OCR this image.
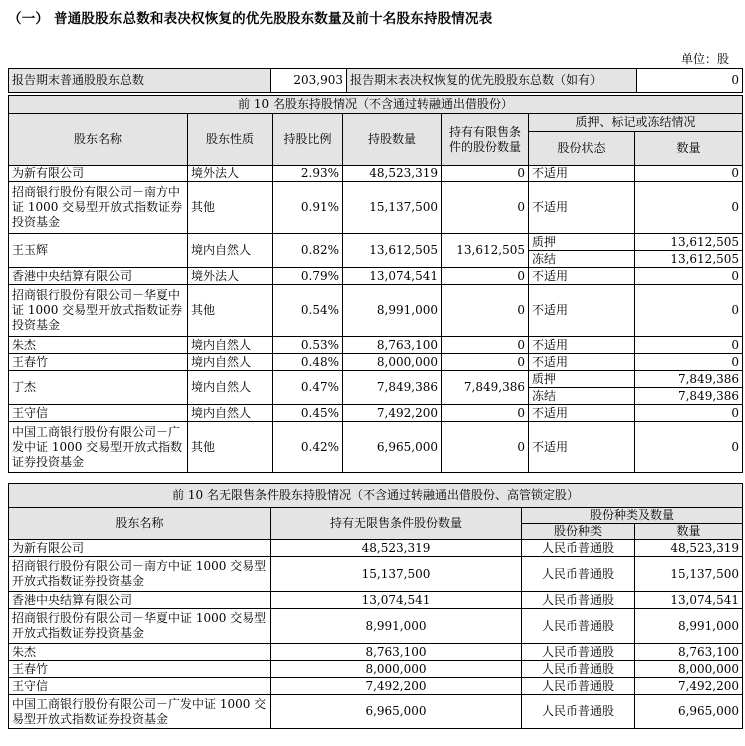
（一） 普通股股东总数和表决权恢复的优先股股东数量及前十名股东持股情况表
单位：股
报告期末普通股股东总数	203,903	报告期末表决权恢复的优先股股东总数（如有）	0
前 10 名股东持股情况（不含通过转融通出借股份）						
股东名称	股东性质	持股比例	持股数量	持有有限售条件的股份数量	质押、标记或冻结情况	
					股份状态	数量
为新有限公司	境外法人	2.93%	48,523,319	0	不适用	0
招商银行股份有限公司－南方中证 1000 交易型开放式指数证券投资基金	其他	0.91%	15,137,500	0	不适用	0
王玉辉	境内自然人	0.82%	13,612,505	13,612,505	质押	13,612,505
					冻结	13,612,505
香港中央结算有限公司	境外法人	0.79%	13,074,541	0	不适用	0
招商银行股份有限公司－华夏中证 1000 交易型开放式指数证券投资基金	其他	0.54%	8,991,000	0	不适用	0
朱杰	境内自然人	0.53%	8,763,100	0	不适用	0
王春竹	境内自然人	0.48%	8,000,000	0	不适用	0
丁杰	境内自然人	0.47%	7,849,386	7,849,386	质押	7,849,386
					冻结	7,849,386
王守信	境内自然人	0.45%	7,492,200	0	不适用	0
中国工商银行股份有限公司－广发中证 1000 交易型开放式指数证券投资基金	其他	0.42%	6,965,000	0	不适用	0
前 10 名无限售条件股东持股情况（不含通过转融通出借股份、高管锁定股）			
股东名称	持有无限售条件股份数量	股份种类及数量	
		股份种类	数量
为新有限公司	48,523,319	人民币普通股	48,523,319
招商银行股份有限公司－南方中证 1000 交易型开放式指数证券投资基金	15,137,500	人民币普通股	15,137,500
香港中央结算有限公司	13,074,541	人民币普通股	13,074,541
招商银行股份有限公司－华夏中证 1000 交易型开放式指数证券投资基金	8,991,000	人民币普通股	8,991,000
朱杰	8,763,100	人民币普通股	8,763,100
王春竹	8,000,000	人民币普通股	8,000,000
王守信	7,492,200	人民币普通股	7,492,200
中国工商银行股份有限公司－广发中证 1000 交易型开放式指数证券投资基金	6,965,000	人民币普通股	6,965,000
